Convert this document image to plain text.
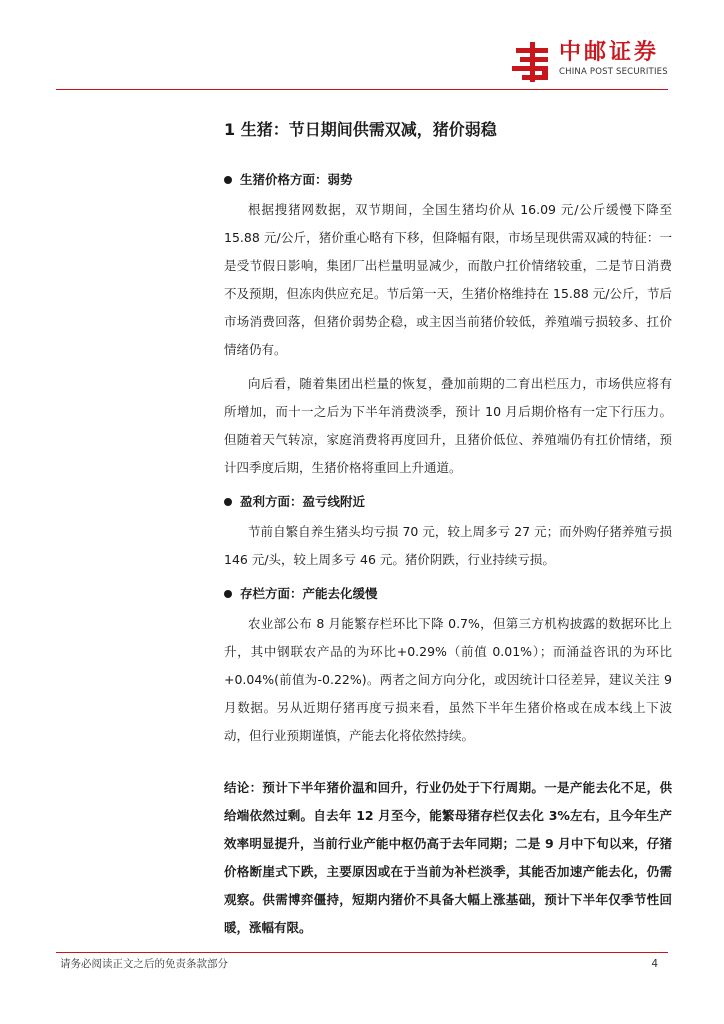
中邮证券
CHINA POST SECURITIES
1 生猪：节日期间供需双减，猪价弱稳
生猪价格方面：弱势

根据搜猪网数据，双节期间，全国生猪均价从 16.09 元/公斤缓慢下降至15.88 元/公斤，猪价重心略有下移，但降幅有限，市场呈现供需双减的特征：一是受节假日影响，集团厂出栏量明显减少，而散户扛价情绪较重，二是节日消费不及预期，但冻肉供应充足。节后第一天，生猪价格维持在 15.88 元/公斤，节后市场消费回落，但猪价弱势企稳，或主因当前猪价较低，养殖端亏损较多、扛价情绪仍有。

向后看，随着集团出栏量的恢复，叠加前期的二育出栏压力，市场供应将有所增加，而十一之后为下半年消费淡季，预计 10 月后期价格有一定下行压力。但随着天气转凉，家庭消费将再度回升，且猪价低位、养殖端仍有扛价情绪，预计四季度后期，生猪价格将重回上升通道。

盈利方面：盈亏线附近

节前自繁自养生猪头均亏损 70 元，较上周多亏 27 元；而外购仔猪养殖亏损146 元/头，较上周多亏 46 元。猪价阴跌，行业持续亏损。

存栏方面：产能去化缓慢

农业部公布 8 月能繁存栏环比下降 0.7%，但第三方机构披露的数据环比上升，其中钢联农产品的为环比+0.29%（前值 0.01%）；而涌益咨讯的为环比+0.04%(前值为-0.22%)。两者之间方向分化，或因统计口径差异，建议关注 9 月数据。另从近期仔猪再度亏损来看，虽然下半年生猪价格或在成本线上下波动，但行业预期谨慎，产能去化将依然持续。

结论：预计下半年猪价温和回升，行业仍处于下行周期。一是产能去化不足，供给端依然过剩。自去年 12 月至今，能繁母猪存栏仅去化 3%左右，且今年生产效率明显提升，当前行业产能中枢仍高于去年同期；二是 9 月中下旬以来，仔猪价格断崖式下跌，主要原因或在于当前为补栏淡季，其能否加速产能去化，仍需观察。供需博弈僵持，短期内猪价不具备大幅上涨基础，预计下半年仅季节性回暖，涨幅有限。

请务必阅读正文之后的免责条款部分	4
